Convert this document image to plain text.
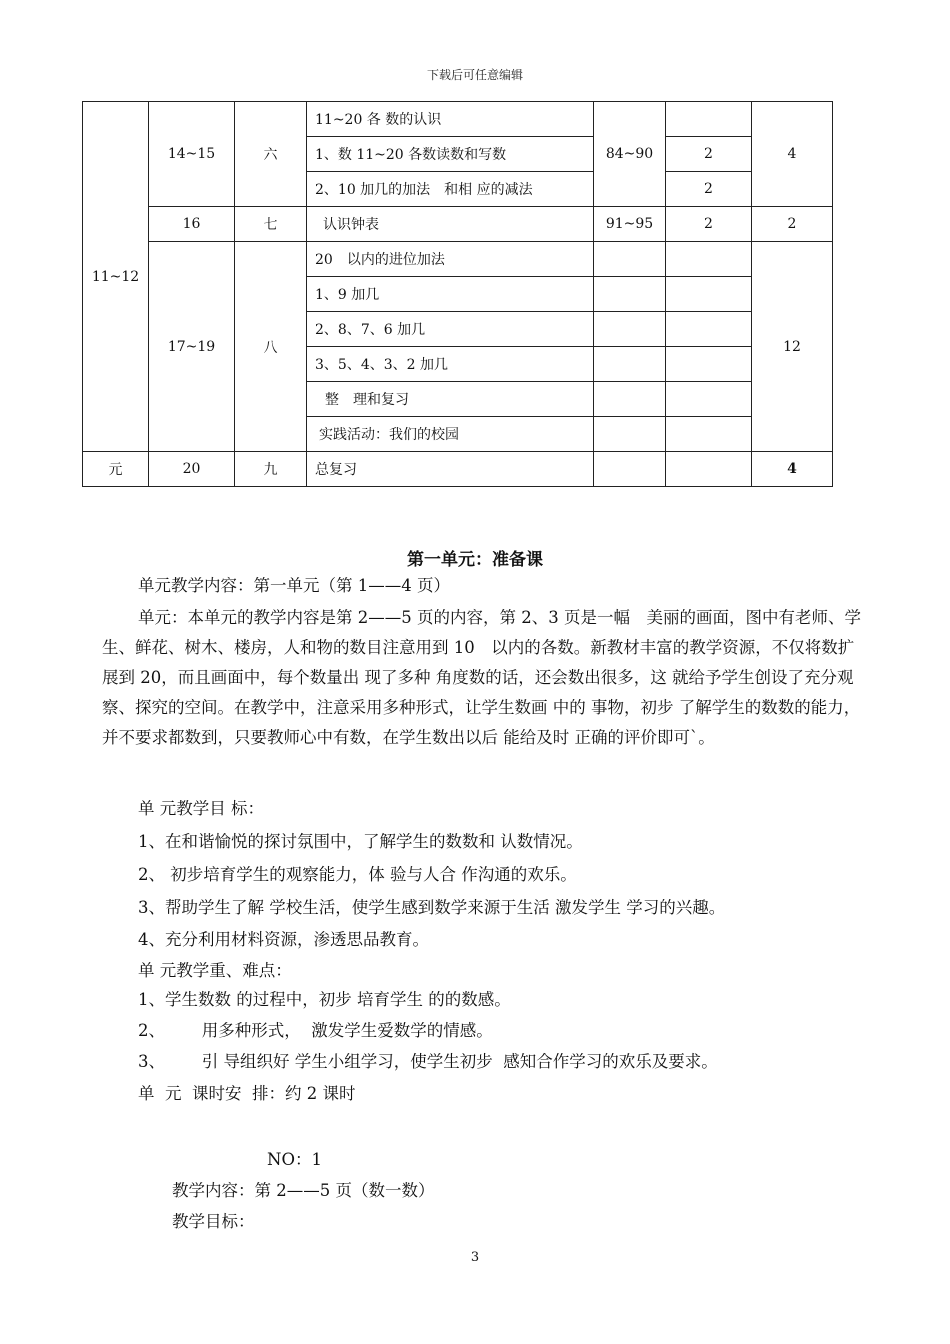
下载后可任意编辑
11~12	14~15	六	11~20 各 数的认识	84~90		4
			1、数 11~20 各数读数和写数		2	
			2、10 加几的加法　和相 应的减法		2	
	16	七	认识钟表	91~95	2	2
	17~19	八	20　以内的进位加法			12
			1、9 加几			
			2、8、7、6 加几			
			3、5、4、3、2 加几			
			整　理和复习			
			实践活动：我们的校园			
元	20	九	总复习			4
第一单元：准备课
单元教学内容：第一单元（第 1——4 页）
单元：本单元的教学内容是第 2——5 页的内容，第 2、3 页是一幅　美丽的画面，图中有老师、学生、鲜花、树木、楼房，人和物的数目注意用到 10　以内的各数。新教材丰富的教学资源，不仅将数扩展到 20，而且画面中，每个数量出 现了多种 角度数的话，还会数出很多，这 就给予学生创设了充分观察、探究的空间。在教学中，注意采用多种形式，让学生数画 中的 事物，初步 了解学生的数数的能力，并不要求都数到，只要教师心中有数，在学生数出以后 能给及时 正确的评价即可`。
单 元教学目 标：
1、在和谐愉悦的探讨氛围中，了解学生的数数和 认数情况。
2、 初步培育学生的观察能力，体 验与人合 作沟通的欢乐。
3、帮助学生了解 学校生活，使学生感到数学来源于生活 激发学生 学习的兴趣。
4、充分利用材料资源，渗透思品教育。
单 元教学重、难点：
1、学生数数 的过程中，初步 培育学生 的的数感。
2、       用多种形式，  激发学生爱数学的情感。
3、       引 导组织好 学生小组学习，使学生初步  感知合作学习的欢乐及要求。
单  元  课时安  排：约 2 课时
NO：1
教学内容：第 2——5 页（数一数）
教学目标：
3
